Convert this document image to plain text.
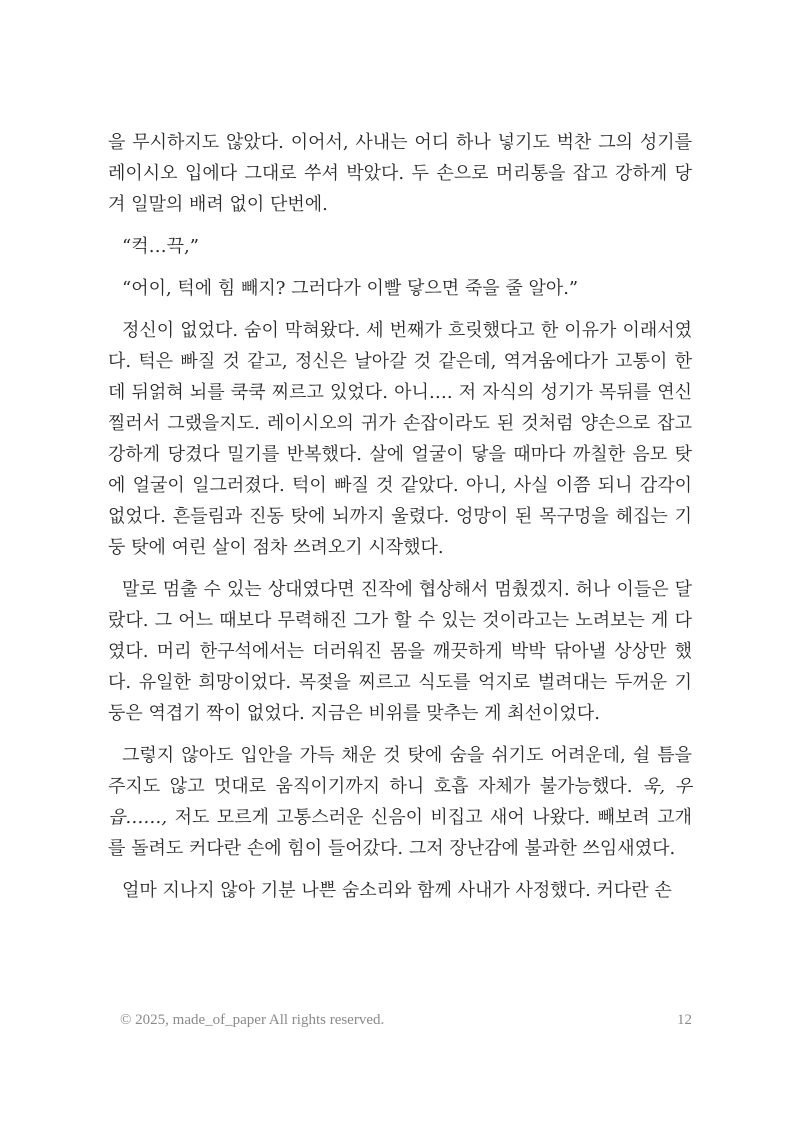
을 무시하지도 않았다. 이어서, 사내는 어디 하나 넣기도 벅찬 그의 성기를 레이시오 입에다 그대로 쑤셔 박았다. 두 손으로 머리통을 잡고 강하게 당겨 일말의 배려 없이 단번에.

“컥…끅,”

“어이, 턱에 힘 빼지? 그러다가 이빨 닿으면 죽을 줄 알아.”

정신이 없었다. 숨이 막혀왔다. 세 번째가 흐릿했다고 한 이유가 이래서였다. 턱은 빠질 것 같고, 정신은 날아갈 것 같은데, 역겨움에다가 고통이 한데 뒤얽혀 뇌를 쿡쿡 찌르고 있었다. 아니…. 저 자식의 성기가 목뒤를 연신 찔러서 그랬을지도. 레이시오의 귀가 손잡이라도 된 것처럼 양손으로 잡고 강하게 당겼다 밀기를 반복했다. 살에 얼굴이 닿을 때마다 까칠한 음모 탓에 얼굴이 일그러졌다. 턱이 빠질 것 같았다. 아니, 사실 이쯤 되니 감각이 없었다. 흔들림과 진동 탓에 뇌까지 울렸다. 엉망이 된 목구멍을 헤집는 기둥 탓에 여린 살이 점차 쓰려오기 시작했다.

말로 멈출 수 있는 상대였다면 진작에 협상해서 멈췄겠지. 허나 이들은 달랐다. 그 어느 때보다 무력해진 그가 할 수 있는 것이라고는 노려보는 게 다였다. 머리 한구석에서는 더러워진 몸을 깨끗하게 박박 닦아낼 상상만 했다. 유일한 희망이었다. 목젖을 찌르고 식도를 억지로 벌려대는 두꺼운 기둥은 역겹기 짝이 없었다. 지금은 비위를 맞추는 게 최선이었다.

그렇지 않아도 입안을 가득 채운 것 탓에 숨을 쉬기도 어려운데, 쉴 틈을 주지도 않고 멋대로 움직이기까지 하니 호흡 자체가 불가능했다. 욱, 우읍……, 저도 모르게 고통스러운 신음이 비집고 새어 나왔다. 빼보려 고개를 돌려도 커다란 손에 힘이 들어갔다. 그저 장난감에 불과한 쓰임새였다.

얼마 지나지 않아 기분 나쁜 숨소리와 함께 사내가 사정했다. 커다란 손

© 2025, made_of_paper All rights reserved.	12
